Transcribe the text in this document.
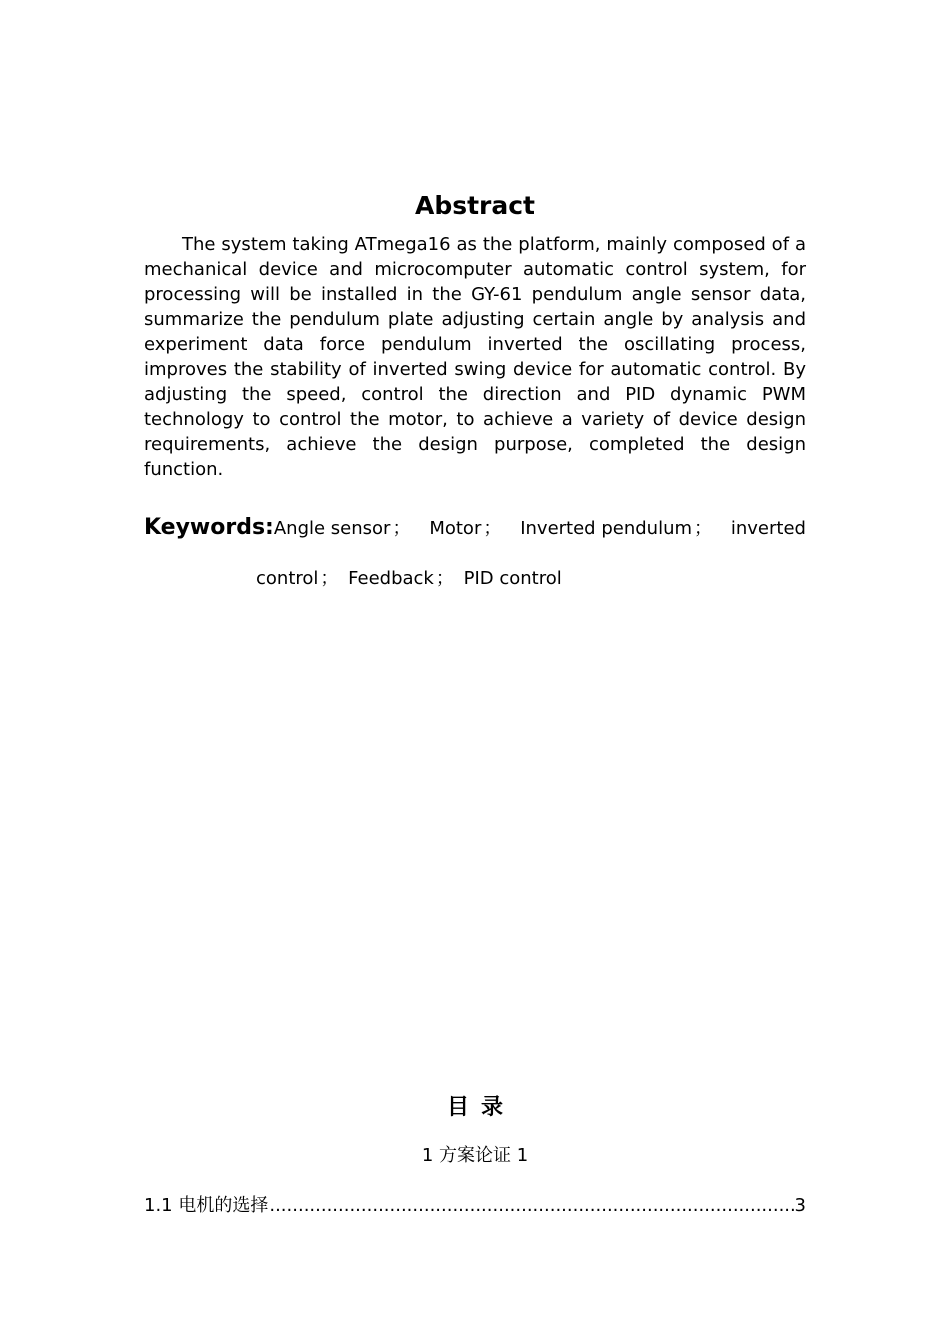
Abstract

The system taking ATmega16 as the platform, mainly composed of a mechanical device and microcomputer automatic control system, for processing will be installed in the GY-61 pendulum angle sensor data, summarize the pendulum plate adjusting certain angle by analysis and experiment data force pendulum inverted the oscillating process, improves the stability of inverted swing device for automatic control. By adjusting the speed, control the direction and PID dynamic PWM technology to control the motor, to achieve a variety of device design requirements, achieve the design purpose, completed the design function.

Keywords: Angle sensor ； Motor ； Inverted pendulum ； inverted
control ； Feedback ； PID control
目录
1 方案论证 1
1.1 电机的选择
.....	3
